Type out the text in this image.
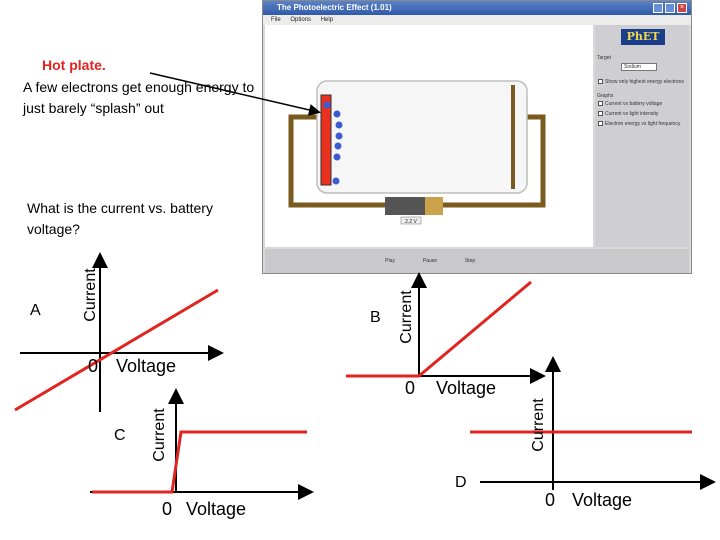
The Photoelectric Effect (1.01)	×
File Options Help
2.2 V
PhET
Target
Sodium
Show only highest energy electrons
Graphs
Current vs battery voltage
Current vs light intensity
Electron energy vs light frequency
Play	Pause	Step
Hot plate.
A few electrons get enough energy to just barely “splash” out
What is the current vs. battery voltage?
A
0 Voltage
Current	B
0 Voltage
Current
C
0 Voltage
Current
D
0 Voltage
Current
